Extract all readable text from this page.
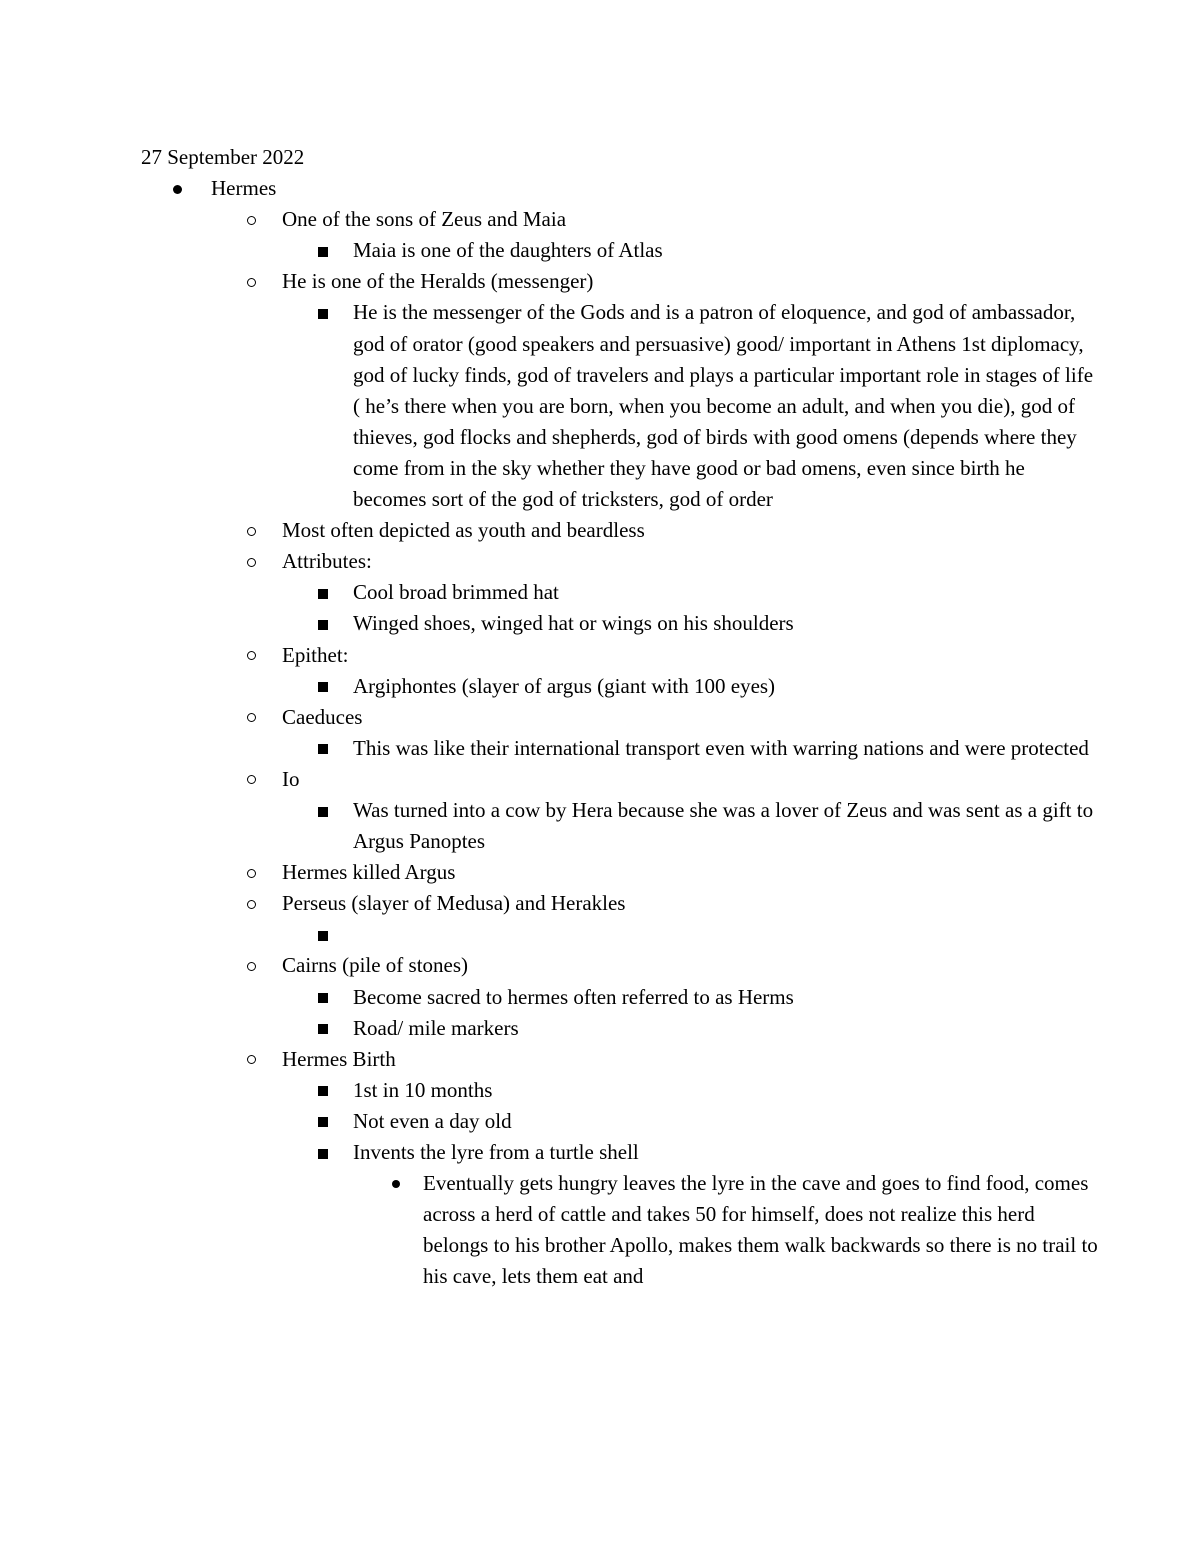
27 September 2022

Hermes
One of the sons of Zeus and Maia
Maia is one of the daughters of Atlas
He is one of the Heralds (messenger)
He is the messenger of the Gods and is a patron of eloquence, and god of ambassador, god of orator (good speakers and persuasive) good/ important in Athens 1st diplomacy, god of lucky finds, god of travelers and plays a particular important role in stages of life ( he’s there when you are born, when you become an adult, and when you die), god of thieves, god flocks and shepherds, god of birds with good omens (depends where they come from in the sky whether they have good or bad omens, even since birth he becomes sort of the god of tricksters, god of order
Most often depicted as youth and beardless
Attributes:
Cool broad brimmed hat
Winged shoes, winged hat or wings on his shoulders
Epithet:
Argiphontes (slayer of argus (giant with 100 eyes)
Caeduces
This was like their international transport even with warring nations and were protected
Io
Was turned into a cow by Hera because she was a lover of Zeus and was sent as a gift to Argus Panoptes
Hermes killed Argus
Perseus (slayer of Medusa) and Herakles

Cairns (pile of stones)
Become sacred to hermes often referred to as Herms
Road/ mile markers
Hermes Birth
1st in 10 months
Not even a day old
Invents the lyre from a turtle shell
Eventually gets hungry leaves the lyre in the cave and goes to find food, comes across a herd of cattle and takes 50 for himself, does not realize this herd belongs to his brother Apollo, makes them walk backwards so there is no trail to his cave, lets them eat and
